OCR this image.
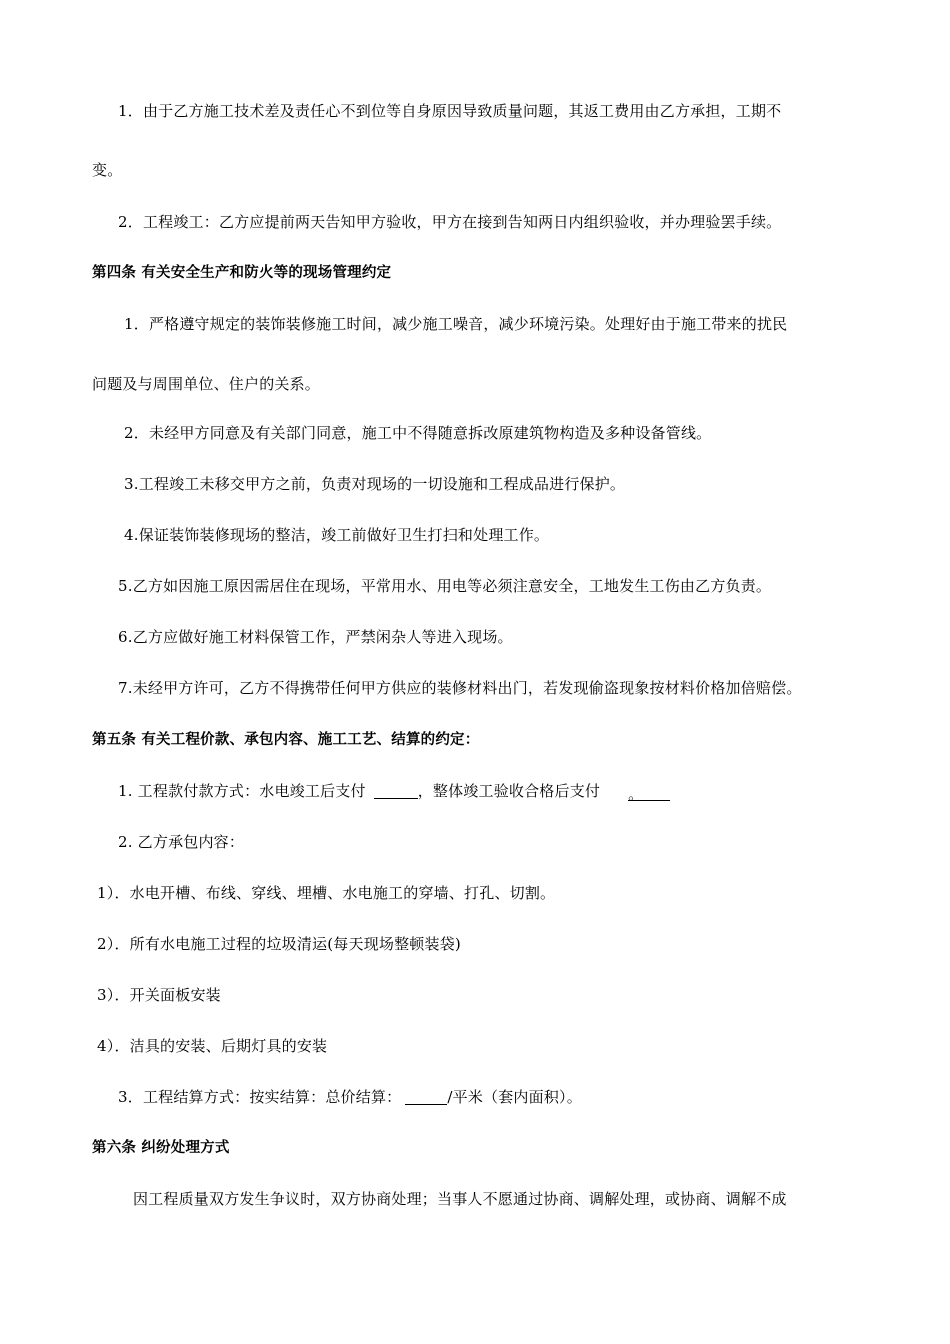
1．由于乙方施工技术差及责任心不到位等自身原因导致质量问题，其返工费用由乙方承担，工期不
变。
2．工程竣工：乙方应提前两天告知甲方验收，甲方在接到告知两日内组织验收，并办理验罢手续。
第四条 有关安全生产和防火等的现场管理约定
1．严格遵守规定的装饰装修施工时间，减少施工噪音，减少环境污染。处理好由于施工带来的扰民
问题及与周围单位、住户的关系。
2．未经甲方同意及有关部门同意，施工中不得随意拆改原建筑物构造及多种设备管线。
3.工程竣工未移交甲方之前，负责对现场的一切设施和工程成品进行保护。
4.保证装饰装修现场的整洁，竣工前做好卫生打扫和处理工作。
5.乙方如因施工原因需居住在现场，平常用水、用电等必须注意安全，工地发生工伤由乙方负责。
6.乙方应做好施工材料保管工作，严禁闲杂人等进入现场。
7.未经甲方许可，乙方不得携带任何甲方供应的装修材料出门，若发现偷盗现象按材料价格加倍赔偿。
第五条 有关工程价款、承包内容、施工工艺、结算的约定：
1. 工程款付款方式：水电竣工后支付	，整体竣工验收合格后支付 。
2. 乙方承包内容：
1）．水电开槽、布线、穿线、埋槽、水电施工的穿墙、打孔、切割。
2）．所有水电施工过程的垃圾清运(每天现场整顿装袋)
3）．开关面板安装
4）．洁具的安装、后期灯具的安装
3．工程结算方式：按实结算：总价结算：	/平米（套内面积）。
第六条 纠纷处理方式
因工程质量双方发生争议时，双方协商处理；当事人不愿通过协商、调解处理，或协商、调解不成
